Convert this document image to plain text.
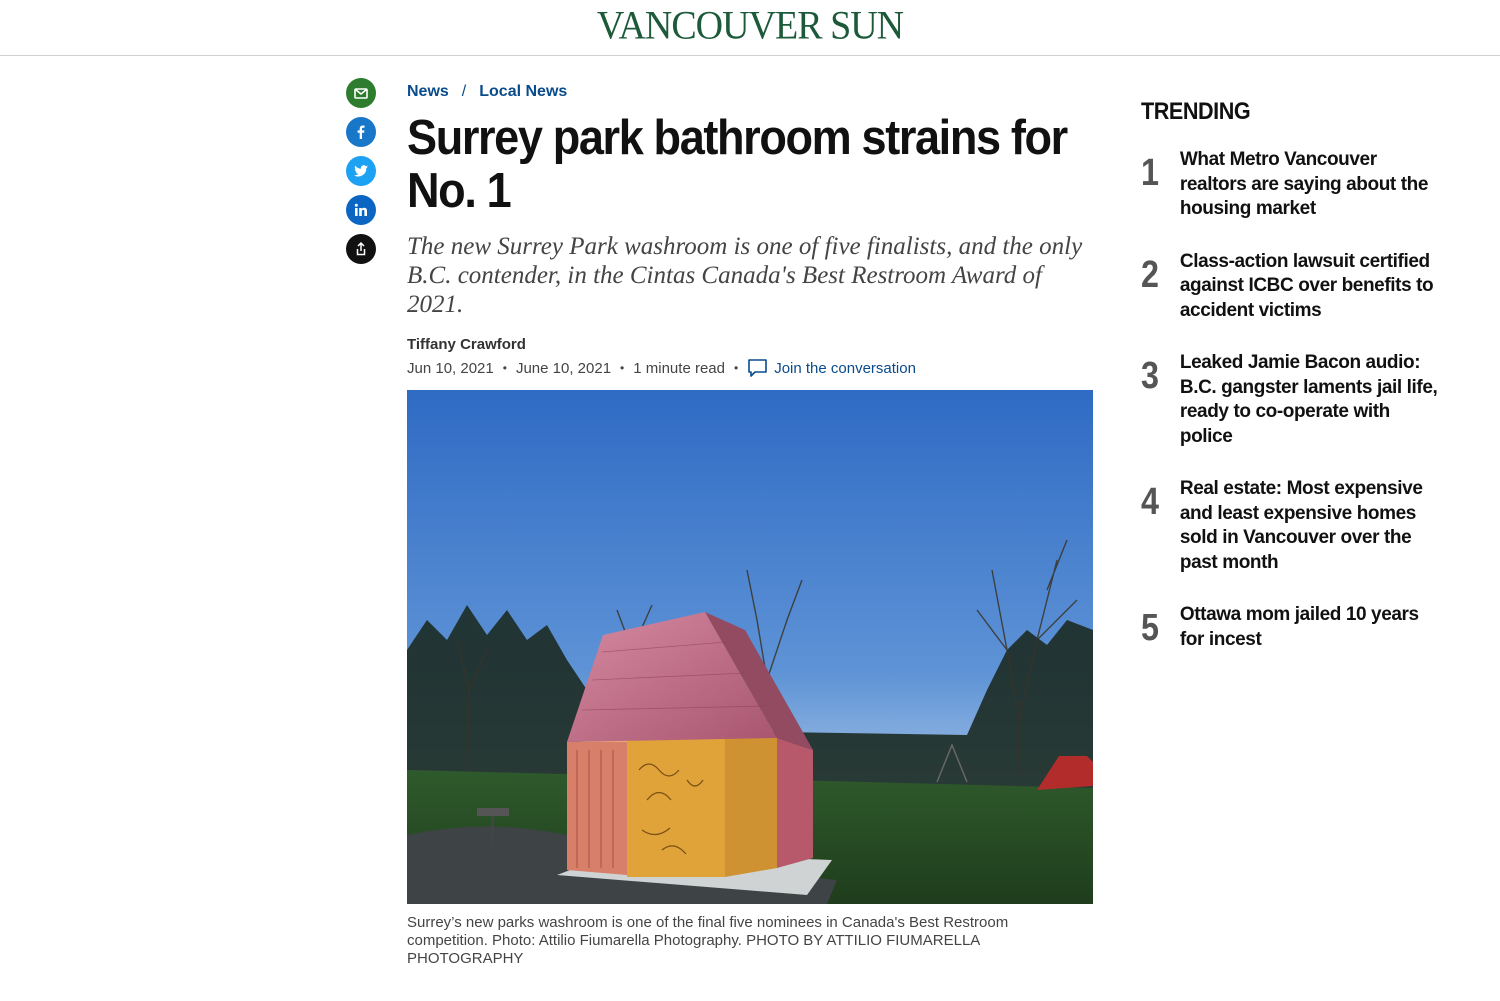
VANCOUVER SUN
News / Local News
Surrey park bathroom strains for No. 1

The new Surrey Park washroom is one of five finalists, and the only B.C. contender, in the Cintas Canada's Best Restroom Award of 2021.

Tiffany Crawford
Jun 10, 2021 • June 10, 2021 • 1 minute read • Join the conversation
Surrey’s new parks washroom is one of the final five nominees in Canada's Best Restroom competition. Photo: Attilio Fiumarella Photography. PHOTO BY ATTILIO FIUMARELLA PHOTOGRAPHY
TRENDING
1	What Metro Vancouver realtors are saying about the housing market
2	Class-action lawsuit certified against ICBC over benefits to accident victims
3	Leaked Jamie Bacon audio: B.C. gangster laments jail life, ready to co-operate with police
4	Real estate: Most expensive and least expensive homes sold in Vancouver over the past month
5	Ottawa mom jailed 10 years for incest
